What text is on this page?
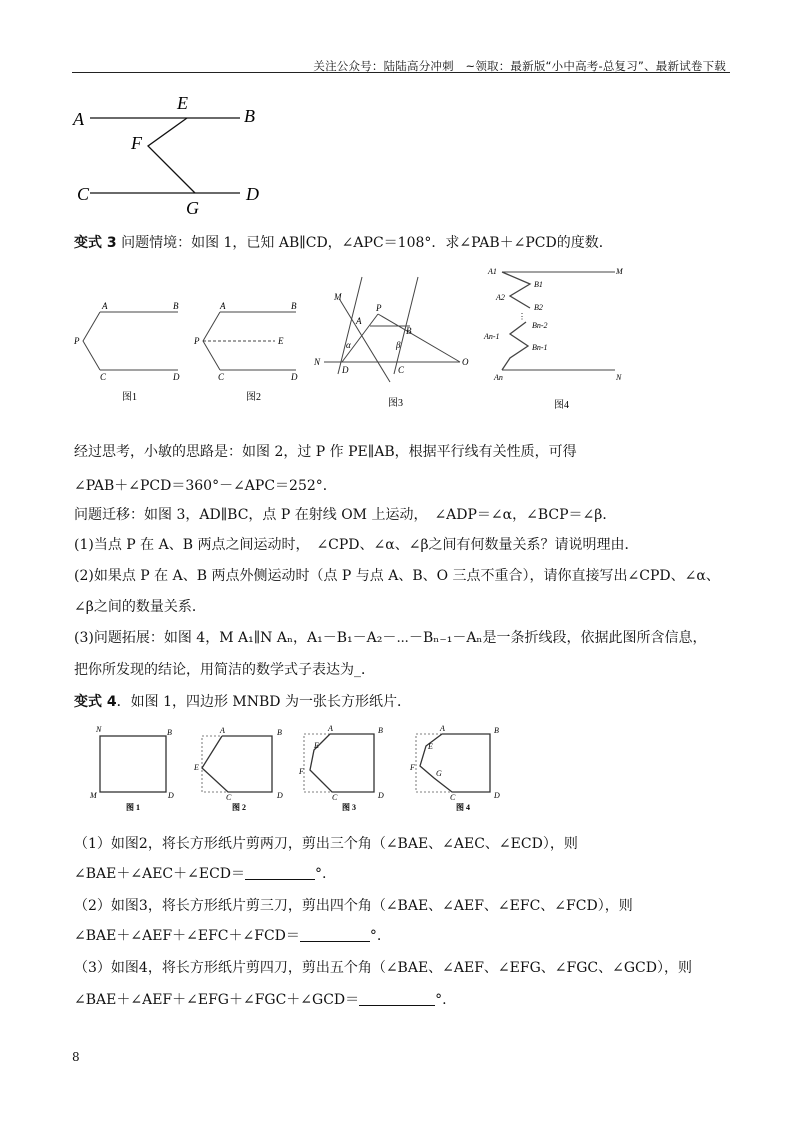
关注公众号：陆陆高分冲刺　~领取：最新版“小中高考-总复习”、最新试卷下载
A
E
B
F
C
G
D
变式 3 问题情境：如图 1，已知 AB∥CD，∠APC＝108°．求∠PAB＋∠PCD的度数．
A	B
P
C	D
图1
A	B
P	E
C	D
图2
M
A
P
B
α	β
N
D	C
O
图3
⋮
A1	M
B1
A2
B2
Bn-2
An-1
Bn-1
An	N
图4
经过思考，小敏的思路是：如图 2，过 P 作 PE∥AB，根据平行线有关性质，可得
∠PAB＋∠PCD＝360°－∠APC＝252°．
问题迁移：如图 3，AD∥BC，点 P 在射线 OM 上运动，　∠ADP＝∠α，∠BCP＝∠β．
(1)当点 P 在 A、B 两点之间运动时，　∠CPD、∠α、∠β之间有何数量关系？请说明理由．
(2)如果点 P 在 A、B 两点外侧运动时（点 P 与点 A、B、O 三点不重合），请你直接写出∠CPD、∠α、
∠β之间的数量关系．
(3)问题拓展：如图 4，M A₁∥N Aₙ，A₁－B₁－A₂－⋯－Bₙ₋₁－Aₙ是一条折线段，依据此图所含信息，
把你所发现的结论，用简洁的数学式子表达为_．
变式 4．如图 1，四边形 MNBD 为一张长方形纸片．
N	B
M	D
图 1
A	B
E
C	D
图 2
A	B
E
F
C	D
图 3
A	B
E
F
G
C	D
图 4
（1）如图2，将长方形纸片剪两刀，剪出三个角（∠BAE、∠AEC、∠ECD），则
∠BAE＋∠AEC＋∠ECD＝	°.
（2）如图3，将长方形纸片剪三刀，剪出四个角（∠BAE、∠AEF、∠EFC、∠FCD），则
∠BAE＋∠AEF＋∠EFC＋∠FCD＝	°.
（3）如图4，将长方形纸片剪四刀，剪出五个角（∠BAE、∠AEF、∠EFG、∠FGC、∠GCD），则
∠BAE＋∠AEF＋∠EFG＋∠FGC＋∠GCD＝	°.
8
